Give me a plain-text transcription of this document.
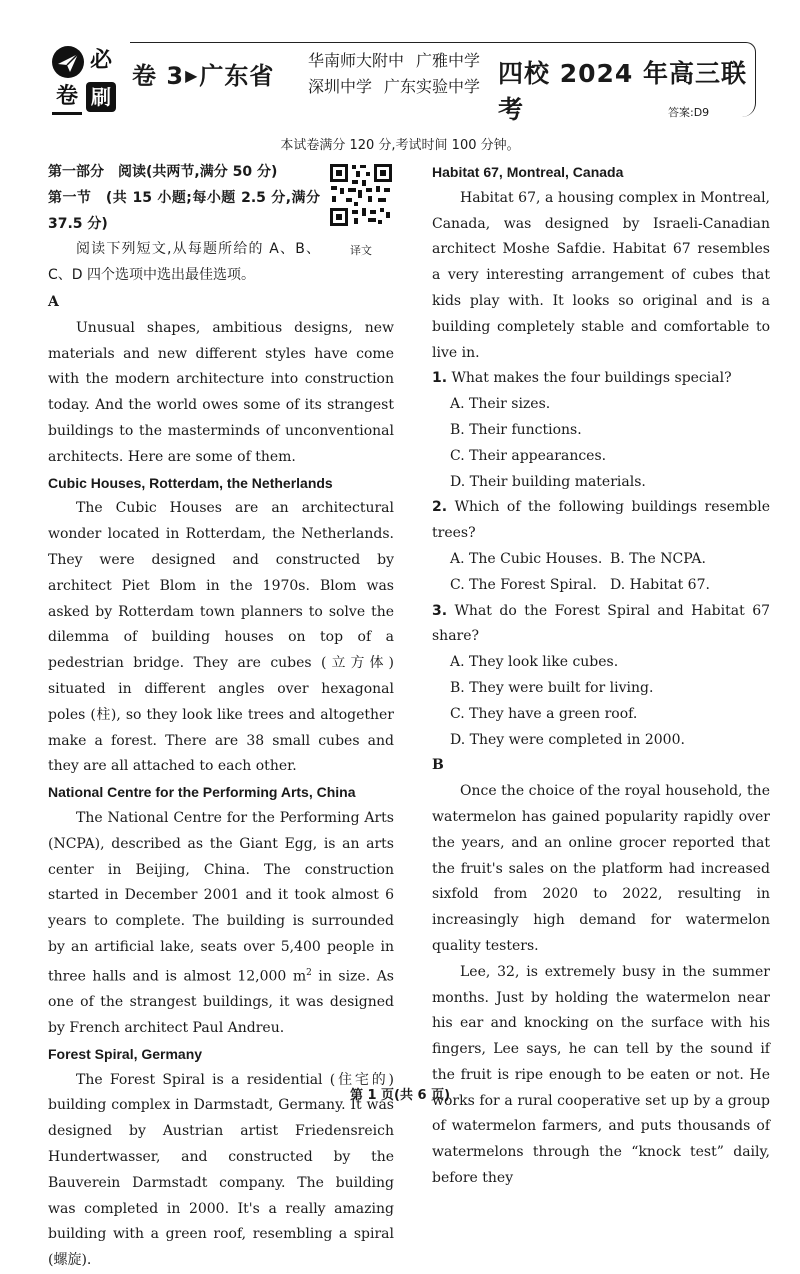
必
卷 刷
卷 3▶广东省
华南师大附中 广雅中学
深圳中学 广东实验中学 四校 2024 年高三联考	答案:D9
本试卷满分 120 分,考试时间 100 分钟。

第一部分　阅读(共两节,满分 50 分)

第一节　(共 15 小题;每小题 2.5 分,满分 37.5 分)

阅读下列短文,从每题所给的 A、B、C、D 四个选项中选出最佳选项。

译文

A

Unusual shapes, ambitious designs, new materials and new different styles have come with the modern architecture into construction today. And the world owes some of its strangest buildings to the masterminds of unconventional architects. Here are some of them.

Cubic Houses, Rotterdam, the Netherlands

The Cubic Houses are an architectural wonder located in Rotterdam, the Netherlands. They were designed and constructed by architect Piet Blom in the 1970s. Blom was asked by Rotterdam town planners to solve the dilemma of building houses on top of a pedestrian bridge. They are cubes (立方体) situated in different angles over hexagonal poles (柱), so they look like trees and altogether make a forest. There are 38 small cubes and they are all attached to each other.

National Centre for the Performing Arts, China

The National Centre for the Performing Arts (NCPA), described as the Giant Egg, is an arts center in Beijing, China. The construction started in December 2001 and it took almost 6 years to complete. The building is surrounded by an artificial lake, seats over 5,400 people in three halls and is almost 12,000 $m^2$ in size. As one of the strangest buildings, it was designed by French architect Paul Andreu.

Forest Spiral, Germany

The Forest Spiral is a residential (住宅的) building complex in Darmstadt, Germany. It was designed by Austrian artist Friedensreich Hundertwasser, and constructed by the Bauverein Darmstadt company. The building was completed in 2000. It's a really amazing building with a green roof, resembling a spiral (螺旋).

Habitat 67, Montreal, Canada

Habitat 67, a housing complex in Montreal, Canada, was designed by Israeli-Canadian architect Moshe Safdie. Habitat 67 resembles a very interesting arrangement of cubes that kids play with. It looks so original and is a building completely stable and comfortable to live in.

1. What makes the four buildings special?

A. Their sizes.

B. Their functions.

C. Their appearances.

D. Their building materials.

2. Which of the following buildings resemble trees?

A. The Cubic Houses. B. The NCPA.

C. The Forest Spiral. D. Habitat 67.

3. What do the Forest Spiral and Habitat 67 share?

A. They look like cubes.

B. They were built for living.

C. They have a green roof.

D. They were completed in 2000.

B

Once the choice of the royal household, the watermelon has gained popularity rapidly over the years, and an online grocer reported that the fruit's sales on the platform had increased sixfold from 2020 to 2022, resulting in increasingly high demand for watermelon quality testers.

Lee, 32, is extremely busy in the summer months. Just by holding the watermelon near his ear and knocking on the surface with his fingers, Lee says, he can tell by the sound if the fruit is ripe enough to be eaten or not. He works for a rural cooperative set up by a group of watermelon farmers, and puts thousands of watermelons through the “knock test” daily, before they

第 1 页(共 6 页)
